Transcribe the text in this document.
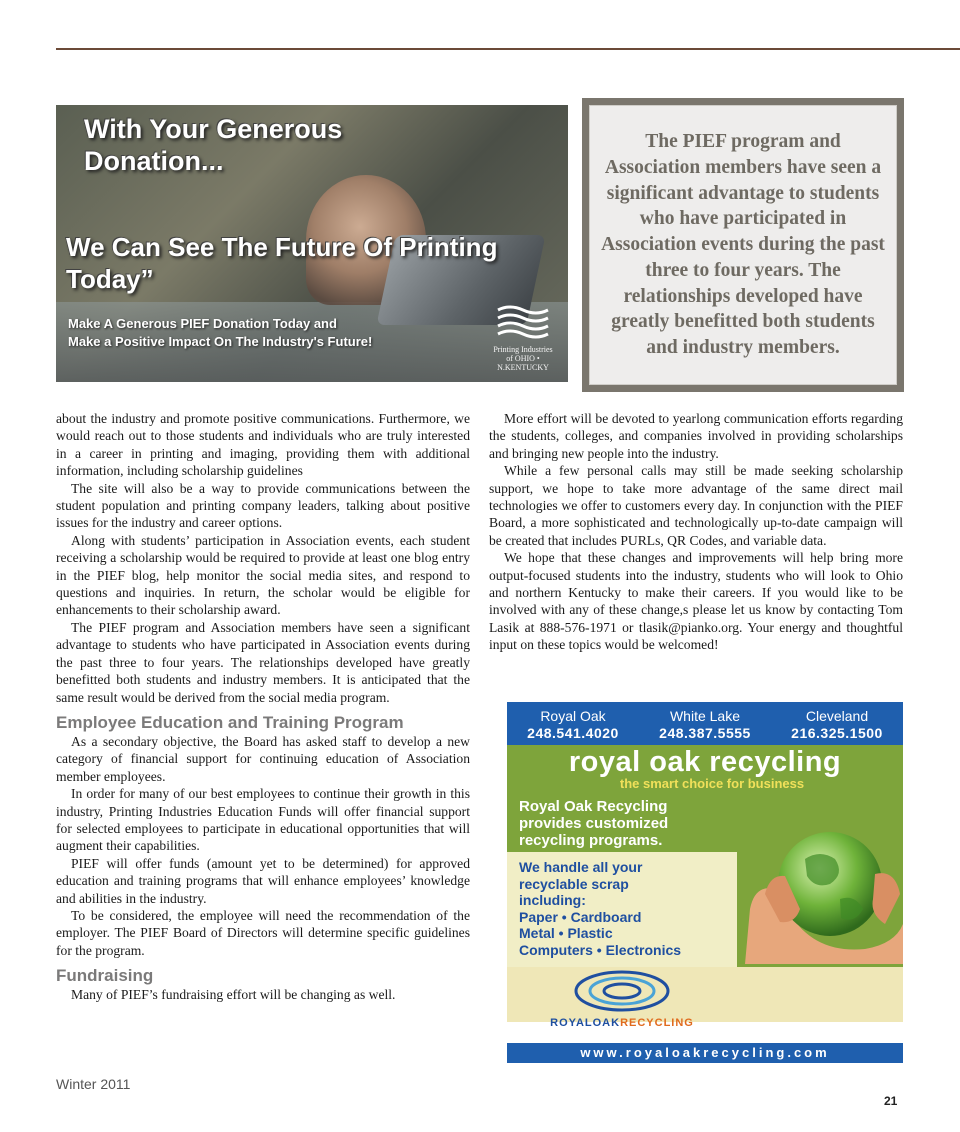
With Your Generous Donation...
We Can See The Future Of Printing Today”
Make A Generous PIEF Donation Today and
Make a Positive Impact On The Industry's Future!
Printing Industries
of OHIO • N.KENTUCKY

The PIEF program and Association members have seen a significant advantage to students who have participated in Association events during the past three to four years. The relationships developed have greatly benefitted both students and industry members.

about the industry and promote positive communications. Furthermore, we would reach out to those students and individuals who are truly interested in a career in printing and imaging, providing them with additional information, including scholarship guidelines

The site will also be a way to provide communications between the student population and printing company leaders, talking about positive issues for the industry and career options.

Along with students’ participation in Association events, each student receiving a scholarship would be required to provide at least one blog entry in the PIEF blog, help monitor the social media sites, and respond to questions and inquiries. In return, the scholar would be eligible for enhancements to their scholarship award.

The PIEF program and Association members have seen a significant advantage to students who have participated in Association events during the past three to four years. The relationships developed have greatly benefitted both students and industry members. It is anticipated that the same result would be derived from the social media program.

Employee Education and Training Program

As a secondary objective, the Board has asked staff to develop a new category of financial support for continuing education of Association member employees.

In order for many of our best employees to continue their growth in this industry, Printing Industries Education Funds will offer financial support for selected employees to participate in educational opportunities that will augment their capabilities.

PIEF will offer funds (amount yet to be determined) for approved education and training programs that will enhance employees’ knowledge and abilities in the industry.

To be considered, the employee will need the recommendation of the employer. The PIEF Board of Directors will determine specific guidelines for the program.

Fundraising

Many of PIEF’s fundraising effort will be changing as well.

More effort will be devoted to yearlong communication efforts regarding the students, colleges, and companies involved in providing scholarships and bringing new people into the industry.

While a few personal calls may still be made seeking scholarship support, we hope to take more advantage of the same direct mail technologies we offer to customers every day. In conjunction with the PIEF Board, a more sophisticated and technologically up-to-date campaign will be created that includes PURLs, QR Codes, and variable data.

We hope that these changes and improvements will help bring more output-focused students into the industry, students who will look to Ohio and northern Kentucky to make their careers. If you would like to be involved with any of these change,s please let us know by contacting Tom Lasik at 888-576-1971 or tlasik@pianko.org. Your energy and thoughtful input on these topics would be welcomed!

Royal Oak
248.541.4020
White Lake
248.387.5555
Cleveland
216.325.1500
royal oak recycling
the smart choice for business
Royal Oak Recycling
provides customized
recycling programs.
We handle all your
recyclable scrap
including:
Paper • Cardboard
Metal • Plastic
Computers • Electronics
ROYALOAKRECYCLING
www.royaloakrecycling.com
Winter 2011
21
